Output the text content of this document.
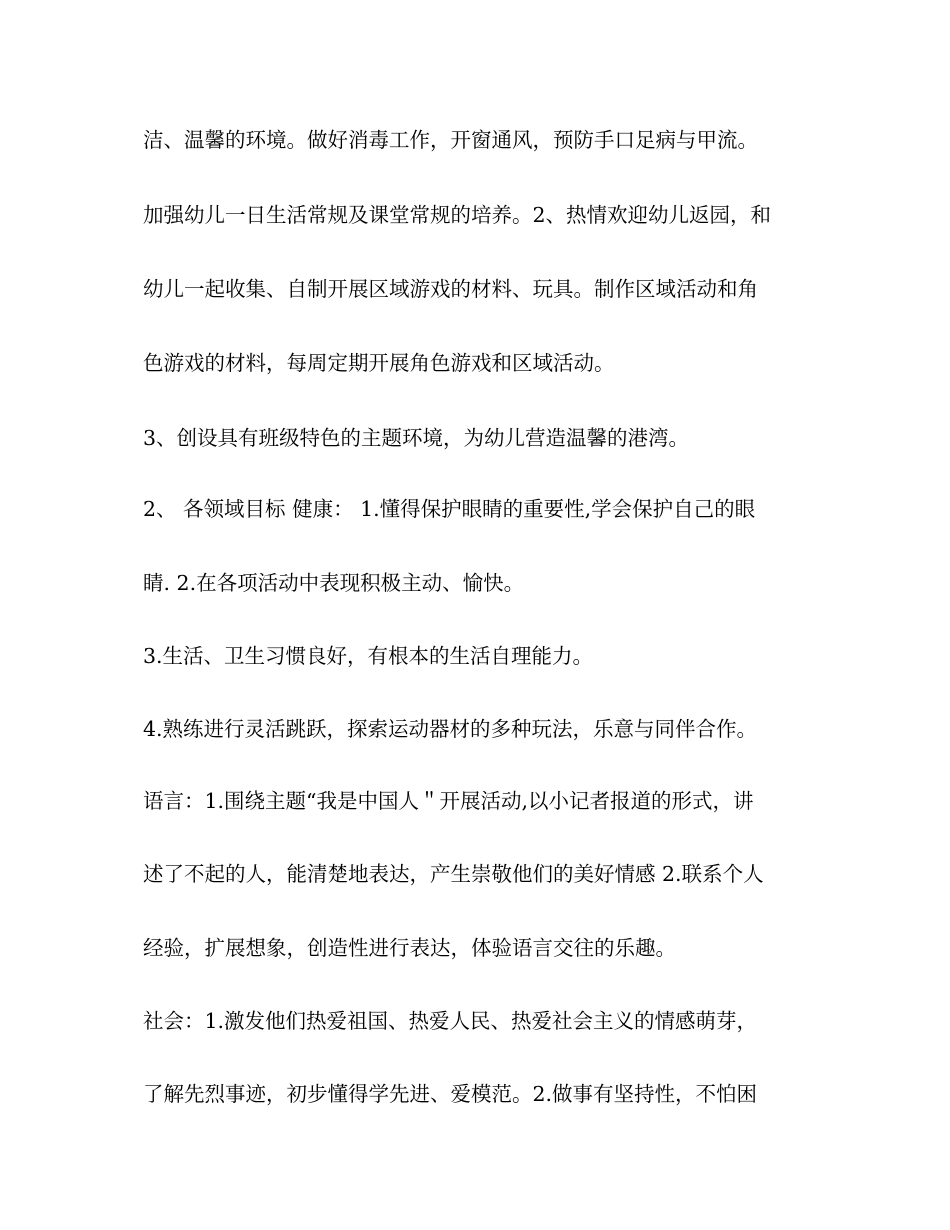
洁、温馨的环境。做好消毒工作，开窗通风，预防手口足病与甲流。
加强幼儿一日生活常规及课堂常规的培养。2、热情欢迎幼儿返园，和
幼儿一起收集、自制开展区域游戏的材料、玩具。制作区域活动和角
色游戏的材料，每周定期开展角色游戏和区域活动。
3、创设具有班级特色的主题环境，为幼儿营造温馨的港湾。
2、 各领域目标 健康： 1.懂得保护眼睛的重要性,学会保护自己的眼
睛. 2.在各项活动中表现积极主动、愉快。
3.生活、卫生习惯良好，有根本的生活自理能力。
4.熟练进行灵活跳跃，探索运动器材的多种玩法，乐意与同伴合作。
语言：1.围绕主题“我是中国人＂开展活动,以小记者报道的形式，讲
述了不起的人，能清楚地表达，产生崇敬他们的美好情感 2.联系个人
经验，扩展想象，创造性进行表达，体验语言交往的乐趣。
社会：1.激发他们热爱祖国、热爱人民、热爱社会主义的情感萌芽，
了解先烈事迹，初步懂得学先进、爱模范。2.做事有坚持性，不怕困
